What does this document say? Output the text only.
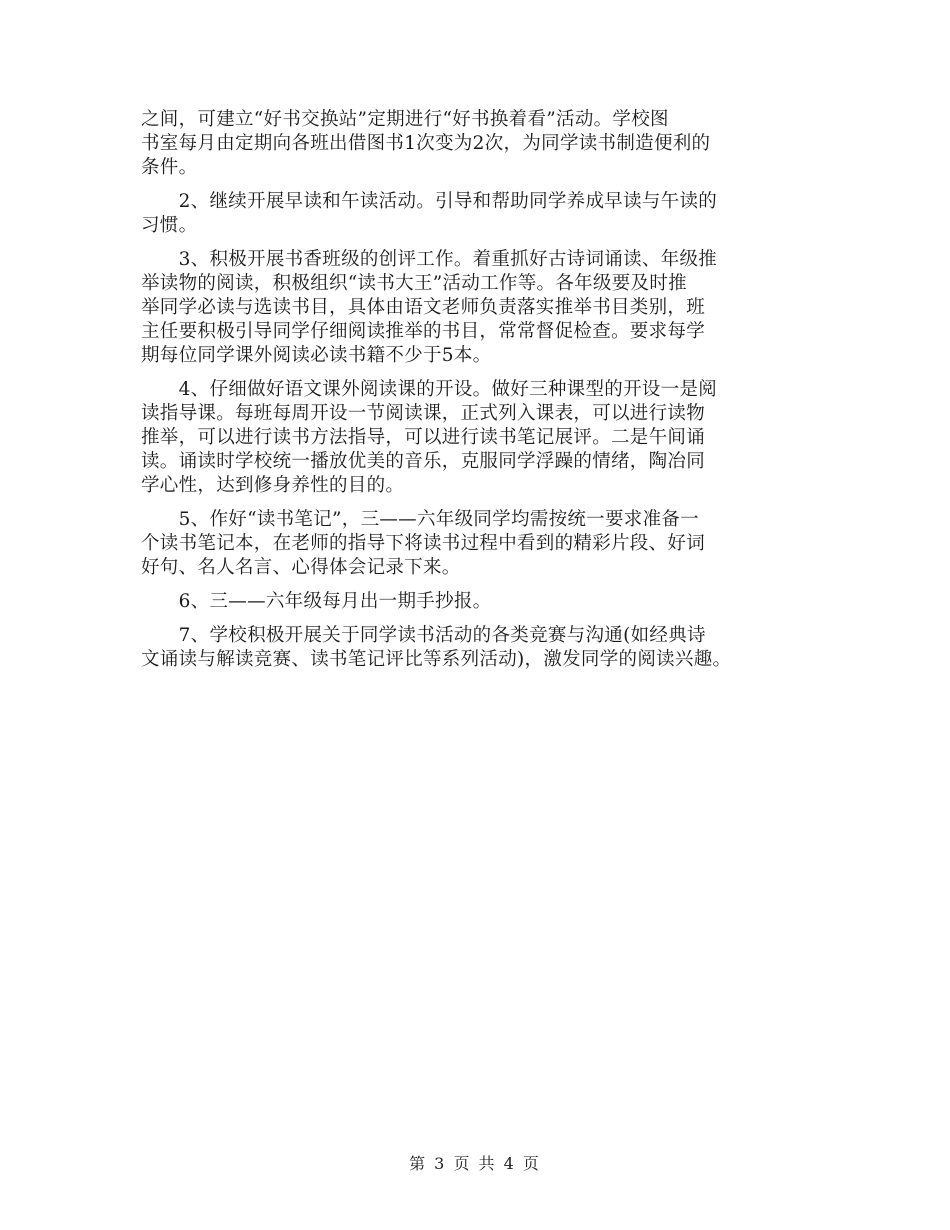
之间，可建立“好书交换站”定期进行“好书换着看”活动。学校图
书室每月由定期向各班出借图书1次变为2次，为同学读书制造便利的
条件。
　　2、继续开展早读和午读活动。引导和帮助同学养成早读与午读的
习惯。
　　3、积极开展书香班级的创评工作。着重抓好古诗词诵读、年级推
举读物的阅读，积极组织“读书大王”活动工作等。各年级要及时推
举同学必读与选读书目，具体由语文老师负责落实推举书目类别，班
主任要积极引导同学仔细阅读推举的书目，常常督促检查。要求每学
期每位同学课外阅读必读书籍不少于5本。
　　4、仔细做好语文课外阅读课的开设。做好三种课型的开设一是阅
读指导课。每班每周开设一节阅读课，正式列入课表，可以进行读物
推举，可以进行读书方法指导，可以进行读书笔记展评。二是午间诵
读。诵读时学校统一播放优美的音乐，克服同学浮躁的情绪，陶冶同
学心性，达到修身养性的目的。
　　5、作好“读书笔记”，三——六年级同学均需按统一要求准备一
个读书笔记本，在老师的指导下将读书过程中看到的精彩片段、好词
好句、名人名言、心得体会记录下来。
　　6、三——六年级每月出一期手抄报。
　　7、学校积极开展关于同学读书活动的各类竞赛与沟通(如经典诗
文诵读与解读竞赛、读书笔记评比等系列活动)，激发同学的阅读兴趣。
第 3 页 共 4 页
